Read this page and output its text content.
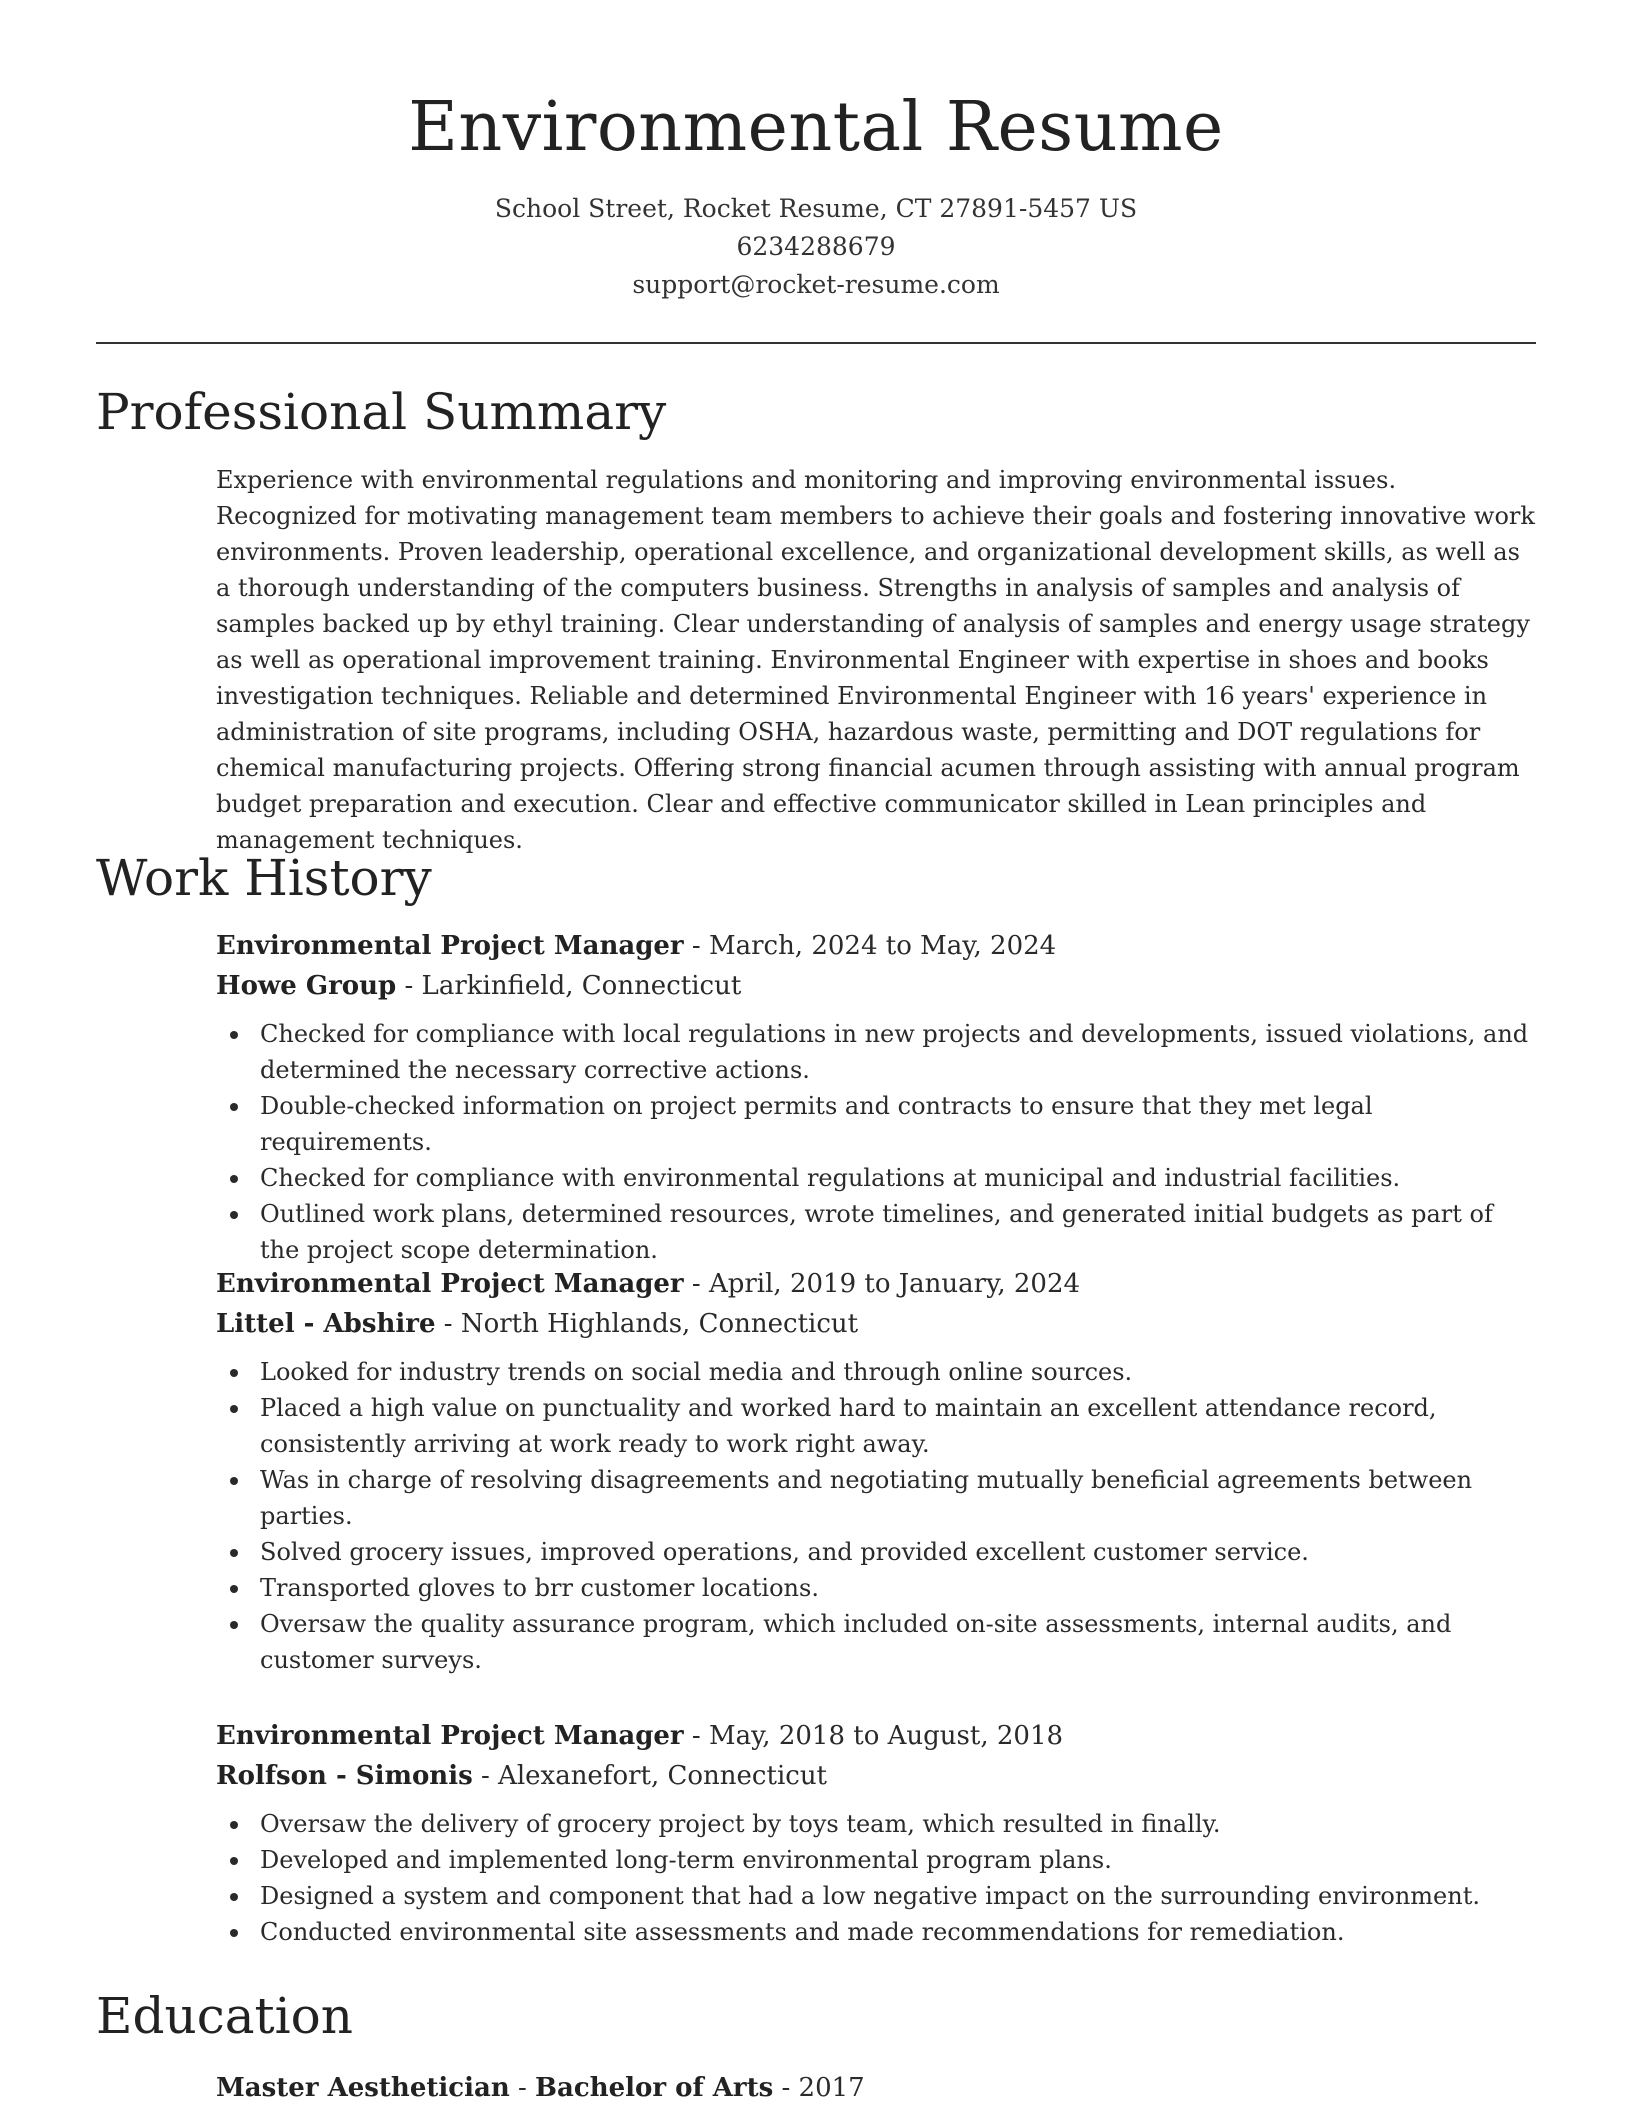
Environmental Resume
School Street, Rocket Resume, CT 27891-5457 US
6234288679
support@rocket-resume.com
Professional Summary

Experience with environmental regulations and monitoring and improving environmental issues. Recognized for motivating management team members to achieve their goals and fostering innovative work environments. Proven leadership, operational excellence, and organizational development skills, as well as a thorough understanding of the computers business. Strengths in analysis of samples and analysis of samples backed up by ethyl training. Clear understanding of analysis of samples and energy usage strategy as well as operational improvement training. Environmental Engineer with expertise in shoes and books investigation techniques. Reliable and determined Environmental Engineer with 16 years' experience in administration of site programs, including OSHA, hazardous waste, permitting and DOT regulations for chemical manufacturing projects. Offering strong financial acumen through assisting with annual program budget preparation and execution. Clear and effective communicator skilled in Lean principles and management techniques.

Work History

Environmental Project Manager - March, 2024 to May, 2024

Howe Group - Larkinfield, Connecticut

Checked for compliance with local regulations in new projects and developments, issued violations, and determined the necessary corrective actions.
Double-checked information on project permits and contracts to ensure that they met legal requirements.
Checked for compliance with environmental regulations at municipal and industrial facilities.
Outlined work plans, determined resources, wrote timelines, and generated initial budgets as part of the project scope determination.

Environmental Project Manager - April, 2019 to January, 2024

Littel - Abshire - North Highlands, Connecticut

Looked for industry trends on social media and through online sources.
Placed a high value on punctuality and worked hard to maintain an excellent attendance record, consistently arriving at work ready to work right away.
Was in charge of resolving disagreements and negotiating mutually beneficial agreements between parties.
Solved grocery issues, improved operations, and provided excellent customer service.
Transported gloves to brr customer locations.
Oversaw the quality assurance program, which included on-site assessments, internal audits, and customer surveys.

Environmental Project Manager - May, 2018 to August, 2018

Rolfson - Simonis - Alexanefort, Connecticut

Oversaw the delivery of grocery project by toys team, which resulted in finally.
Developed and implemented long-term environmental program plans.
Designed a system and component that had a low negative impact on the surrounding environment.
Conducted environmental site assessments and made recommendations for remediation.
Education

Master Aesthetician - Bachelor of Arts - 2017
